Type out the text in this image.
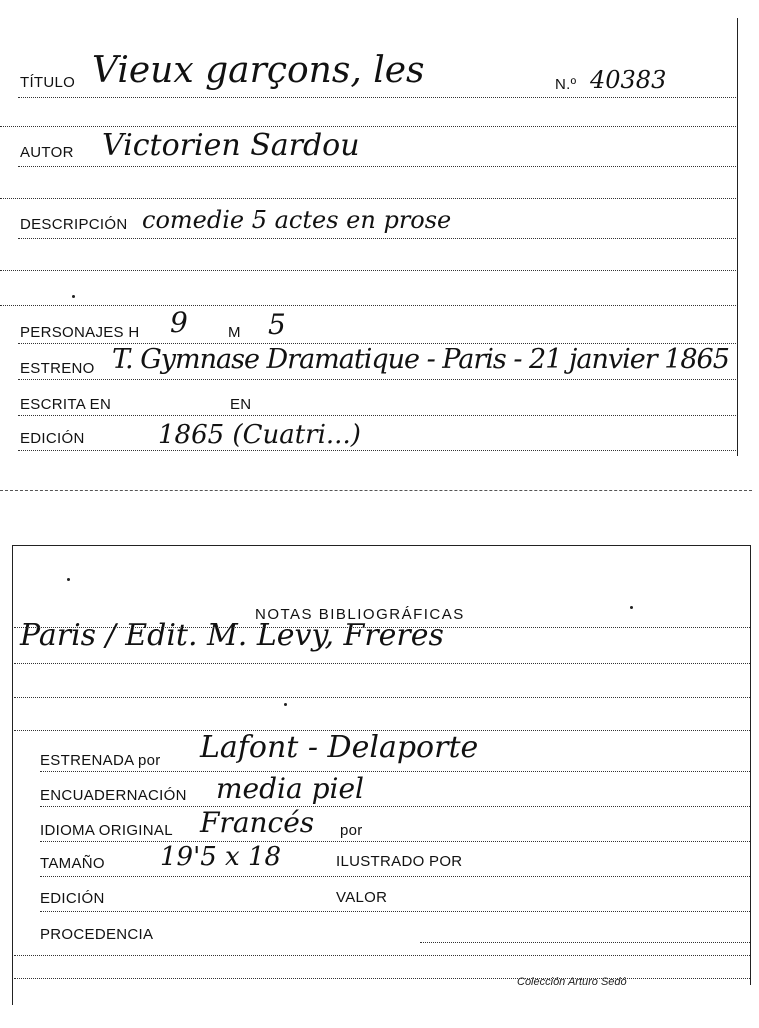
TÍTULO Vieux garçons, les	N.º 40383
AUTOR Victorien Sardou
DESCRIPCIÓN comedie 5 actes en prose
PERSONAJES H 9	M 5
ESTRENO T. Gymnase Dramatique - Paris - 21 janvier 1865
ESCRITA EN	EN
EDICIÓN	1865 (Cuatri...)
NOTAS BIBLIOGRÁFICAS
Paris / Edit. M. Levy, Freres
ESTRENADA por Lafont - Delaporte
ENCUADERNACIÓN media piel
IDIOMA ORIGINAL Francés por
TAMAÑO 19'5 x 18	ILUSTRADO POR
EDICIÓN	VALOR
PROCEDENCIA
Colección Arturo Sedó
